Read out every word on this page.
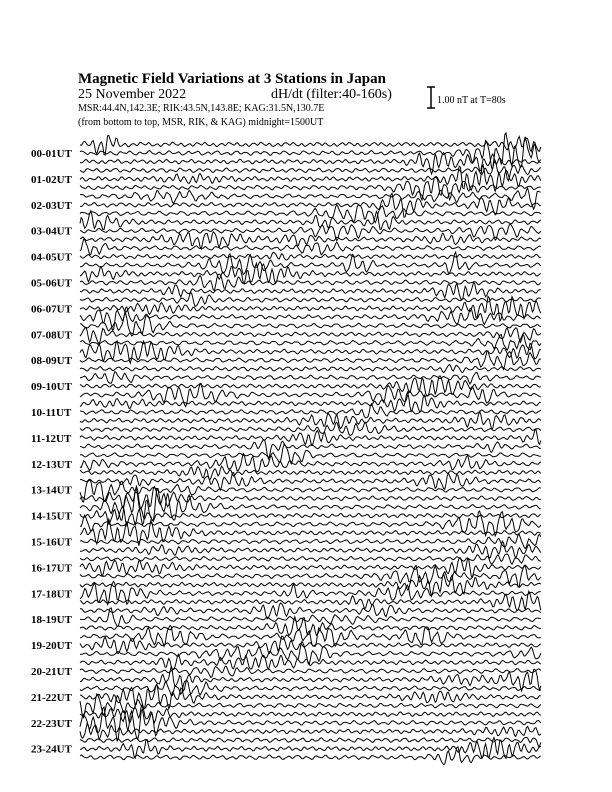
Magnetic Field Variations at 3 Stations in Japan
25 November 2022	dH/dt (filter:40-160s)
MSR:44.4N,142.3E; RIK:43.5N,143.8E; KAG:31.5N,130.7E
(from bottom to top, MSR, RIK, & KAG) midnight=1500UT
1.00 nT at T=80s
00-01UT
01-02UT
02-03UT
03-04UT
04-05UT
05-06UT
06-07UT
07-08UT
08-09UT
09-10UT
10-11UT
11-12UT
12-13UT
13-14UT
14-15UT
15-16UT
16-17UT
17-18UT
18-19UT
19-20UT
20-21UT
21-22UT
22-23UT
23-24UT
